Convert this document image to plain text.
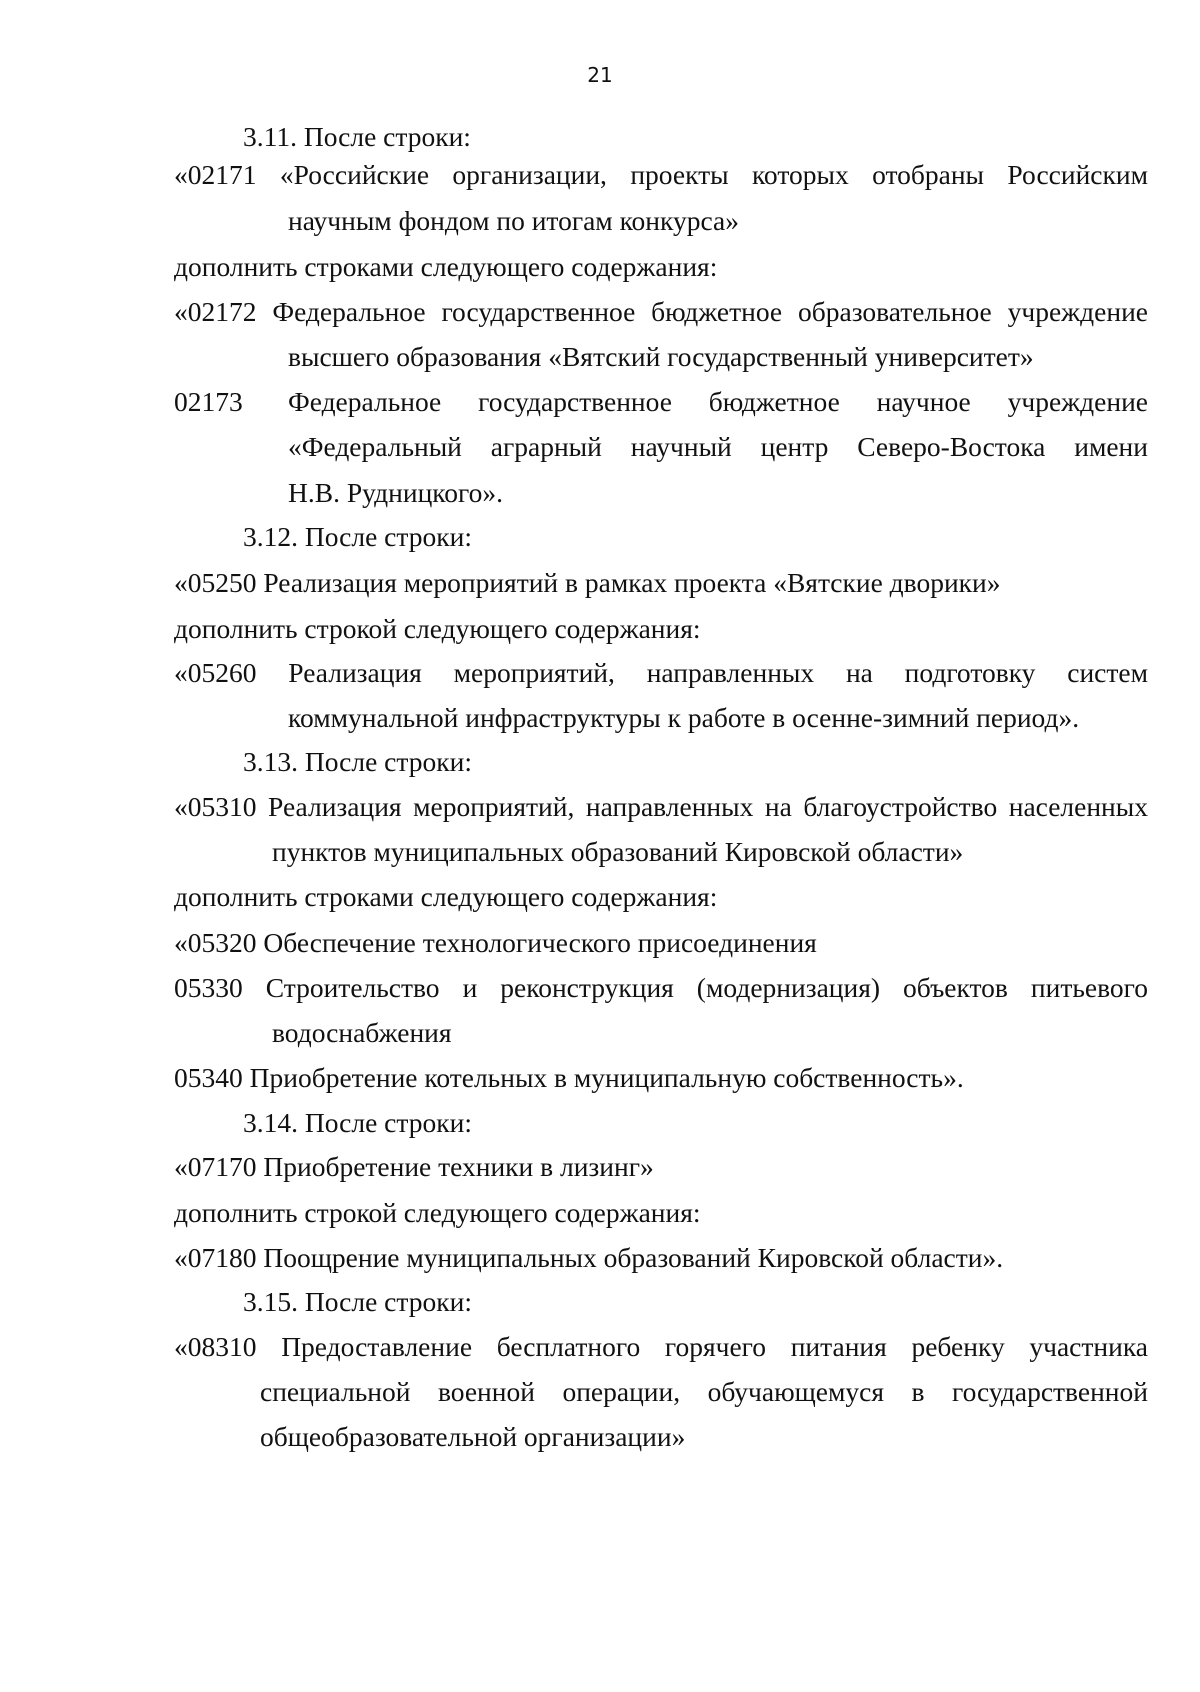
21
3.11. После строки:
«02171 «Российские организации, проекты которых отобраны Российским
научным фондом по итогам конкурса»
дополнить строками следующего содержания:
«02172 Федеральное государственное бюджетное образовательное учреждение
высшего образования «Вятский государственный университет»
02173	Федеральное государственное бюджетное научное учреждение
«Федеральный аграрный научный центр Северо-Востока имени
Н.В. Рудницкого».
3.12. После строки:
«05250 Реализация мероприятий в рамках проекта «Вятские дворики»
дополнить строкой следующего содержания:
«05260 Реализация мероприятий, направленных на подготовку систем
коммунальной инфраструктуры к работе в осенне-зимний период».
3.13. После строки:
«05310 Реализация мероприятий, направленных на благоустройство населенных
пунктов муниципальных образований Кировской области»
дополнить строками следующего содержания:
«05320 Обеспечение технологического присоединения
05330 Строительство и реконструкция (модернизация) объектов питьевого
водоснабжения
05340 Приобретение котельных в муниципальную собственность».
3.14. После строки:
«07170 Приобретение техники в лизинг»
дополнить строкой следующего содержания:
«07180 Поощрение муниципальных образований Кировской области».
3.15. После строки:
«08310 Предоставление бесплатного горячего питания ребенку участника
специальной военной операции, обучающемуся в государственной
общеобразовательной организации»
